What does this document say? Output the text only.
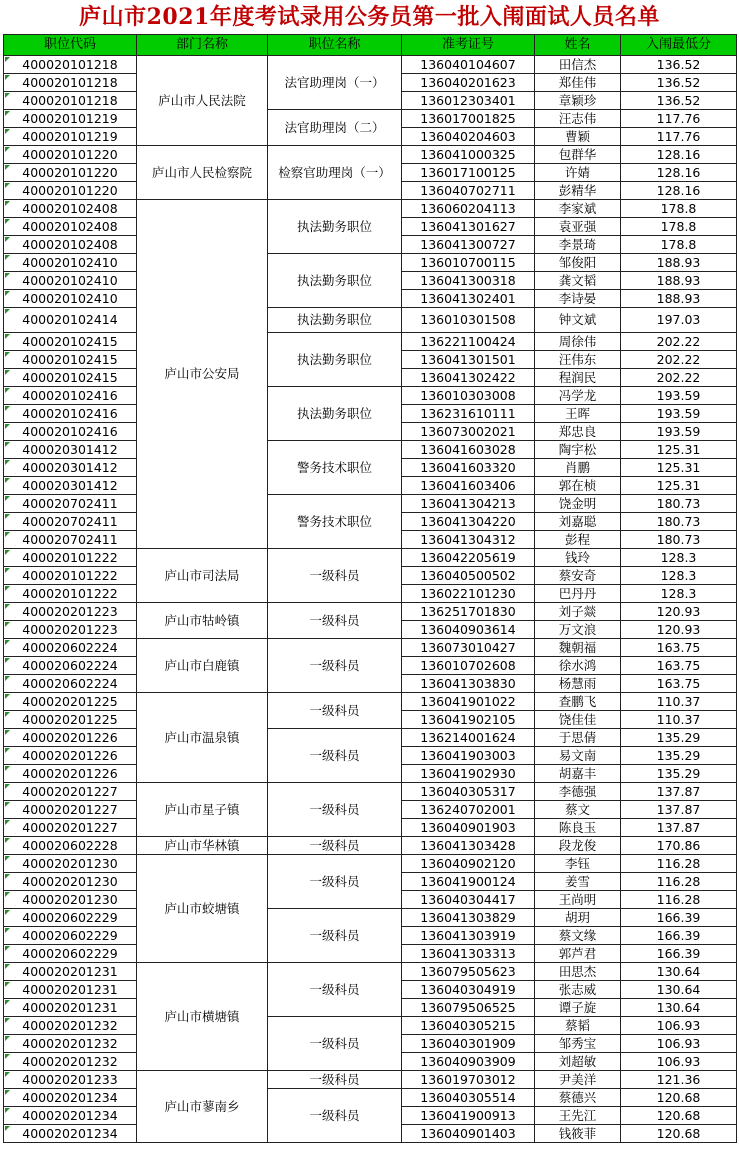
庐山市2021年度考试录用公务员第一批入闱面试人员名单
职位代码	部门名称	职位名称	准考证号	姓名	入闱最低分
400020101218	庐山市人民法院	法官助理岗（一）	136040104607	田信杰	136.52
400020101218			136040201623	郑佳伟	136.52
400020101218			136012303401	章颖珍	136.52
400020101219		法官助理岗（二）	136017001825	汪志伟	117.76
400020101219			136040204603	曹颖	117.76
400020101220	庐山市人民检察院	检察官助理岗（一）	136041000325	包群华	128.16
400020101220			136017100125	许婧	128.16
400020101220			136040702711	彭精华	128.16
400020102408	庐山市公安局	执法勤务职位	136060204113	李家斌	178.8
400020102408			136041301627	袁亚强	178.8
400020102408			136041300727	李景琦	178.8
400020102410		执法勤务职位	136010700115	邹俊阳	188.93
400020102410			136041300318	龚文韬	188.93
400020102410			136041302401	李诗晏	188.93
400020102414		执法勤务职位	136010301508	钟文斌	197.03
400020102415		执法勤务职位	136221100424	周徐伟	202.22
400020102415			136041301501	汪伟东	202.22
400020102415			136041302422	程润民	202.22
400020102416		执法勤务职位	136010303008	冯学龙	193.59
400020102416			136231610111	王晖	193.59
400020102416			136073002021	郑忠良	193.59
400020301412		警务技术职位	136041603028	陶宇松	125.31
400020301412			136041603320	肖鹏	125.31
400020301412			136041603406	郭在桢	125.31
400020702411		警务技术职位	136041304213	饶金明	180.73
400020702411			136041304220	刘嘉聪	180.73
400020702411			136041304312	彭程	180.73
400020101222	庐山市司法局	一级科员	136042205619	钱玲	128.3
400020101222			136040500502	蔡安奇	128.3
400020101222			136022101230	巴丹丹	128.3
400020201223	庐山市牯岭镇	一级科员	136251701830	刘子燚	120.93
400020201223			136040903614	万文浪	120.93
400020602224	庐山市白鹿镇	一级科员	136073010427	魏朝福	163.75
400020602224			136010702608	徐水鸿	163.75
400020602224			136041303830	杨慧雨	163.75
400020201225	庐山市温泉镇	一级科员	136041901022	查鹏飞	110.37
400020201225			136041902105	饶佳佳	110.37
400020201226		一级科员	136214001624	于思倩	135.29
400020201226			136041903003	易文南	135.29
400020201226			136041902930	胡嘉丰	135.29
400020201227	庐山市星子镇	一级科员	136040305317	李德强	137.87
400020201227			136240702001	蔡文	137.87
400020201227			136040901903	陈良玉	137.87
400020602228	庐山市华林镇	一级科员	136041303428	段龙俊	170.86
400020201230	庐山市蛟塘镇	一级科员	136040902120	李钰	116.28
400020201230			136041900124	姜雪	116.28
400020201230			136040304417	王尚明	116.28
400020602229		一级科员	136041303829	胡玥	166.39
400020602229			136041303919	蔡文缘	166.39
400020602229			136041303313	郭芦君	166.39
400020201231	庐山市横塘镇	一级科员	136079505623	田思杰	130.64
400020201231			136040304919	张志威	130.64
400020201231			136079506525	谭子旋	130.64
400020201232		一级科员	136040305215	蔡韬	106.93
400020201232			136040301909	邹秀宝	106.93
400020201232			136040903909	刘超敏	106.93
400020201233	庐山市蓼南乡	一级科员	136019703012	尹美洋	121.36
400020201234		一级科员	136040305514	蔡德兴	120.68
400020201234			136041900913	王先江	120.68
400020201234			136040901403	钱筱菲	120.68
